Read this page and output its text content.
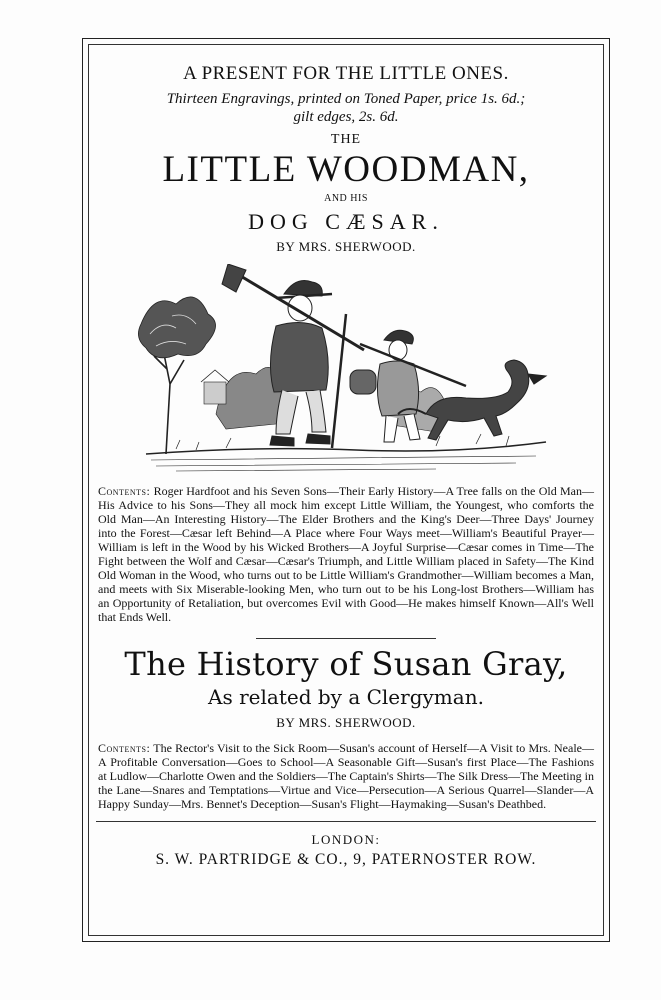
A PRESENT FOR THE LITTLE ONES.
Thirteen Engravings, printed on Toned Paper, price 1s. 6d.;
gilt edges, 2s. 6d.
THE
LITTLE WOODMAN,
AND HIS
DOG CÆSAR.
BY MRS. SHERWOOD.
Contents: Roger Hardfoot and his Seven Sons—Their Early History—A Tree falls on the Old Man—His Advice to his Sons—They all mock him except Little William, the Youngest, who comforts the Old Man—An Interesting History—The Elder Brothers and the King's Deer—Three Days' Journey into the Forest—Cæsar left Behind—A Place where Four Ways meet—William's Beautiful Prayer—William is left in the Wood by his Wicked Brothers—A Joyful Surprise—Cæsar comes in Time—The Fight between the Wolf and Cæsar—Cæsar's Triumph, and Little William placed in Safety—The Kind Old Woman in the Wood, who turns out to be Little William's Grandmother—William becomes a Man, and meets with Six Miserable-looking Men, who turn out to be his Long-lost Brothers—William has an Opportunity of Retaliation, but overcomes Evil with Good—He makes himself Known—All's Well that Ends Well.
The History of Susan Gray,
As related by a Clergyman.
BY MRS. SHERWOOD.
Contents: The Rector's Visit to the Sick Room—Susan's account of Herself—A Visit to Mrs. Neale—A Profitable Conversation—Goes to School—A Seasonable Gift—Susan's first Place—The Fashions at Ludlow—Charlotte Owen and the Soldiers—The Captain's Shirts—The Silk Dress—The Meeting in the Lane—Snares and Temptations—Virtue and Vice—Persecution—A Serious Quarrel—Slander—A Happy Sunday—Mrs. Bennet's Deception—Susan's Flight—Haymaking—Susan's Deathbed.
LONDON:
S. W. PARTRIDGE & CO., 9, PATERNOSTER ROW.
